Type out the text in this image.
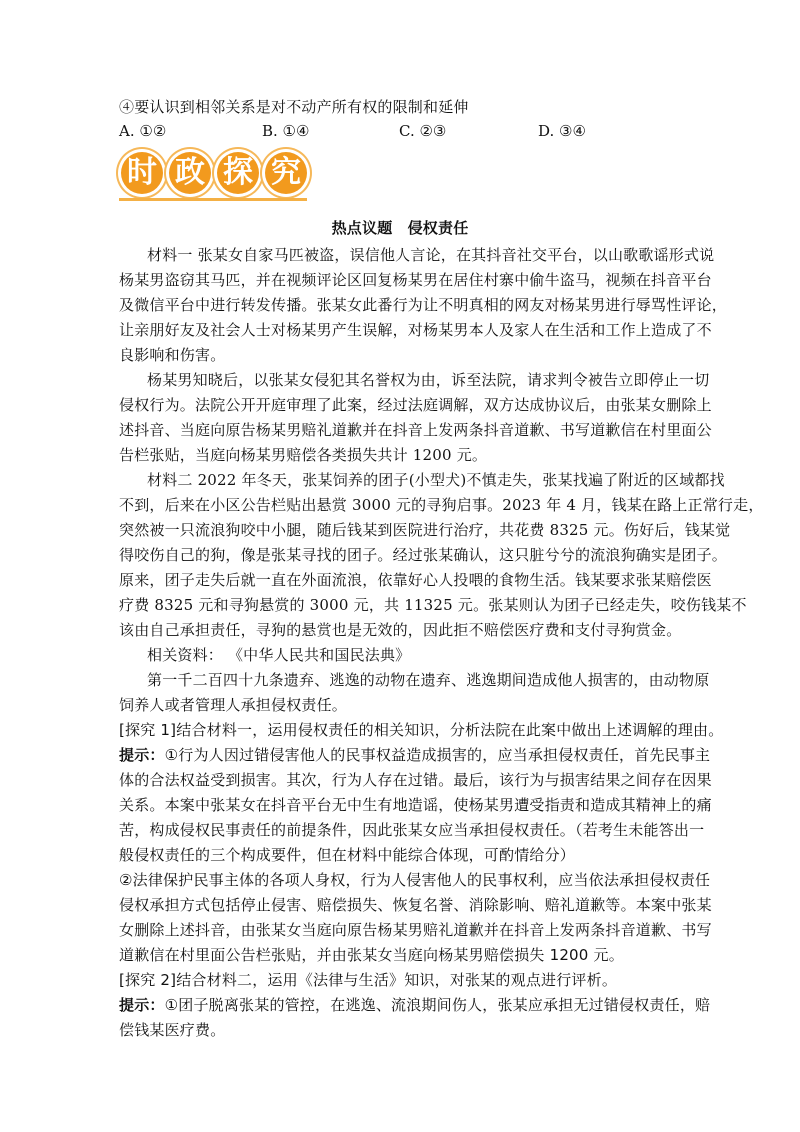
④要认识到相邻关系是对不动产所有权的限制和延伸
A. ①②	B. ①④	C. ②③	D. ③④
时 政 探 究
热点议题　侵权责任
材料一 张某女自家马匹被盗，误信他人言论，在其抖音社交平台，以山歌歌谣形式说
杨某男盗窃其马匹，并在视频评论区回复杨某男在居住村寨中偷牛盗马，视频在抖音平台
及微信平台中进行转发传播。张某女此番行为让不明真相的网友对杨某男进行辱骂性评论，
让亲朋好友及社会人士对杨某男产生误解，对杨某男本人及家人在生活和工作上造成了不
良影响和伤害。
杨某男知晓后，以张某女侵犯其名誉权为由，诉至法院，请求判令被告立即停止一切
侵权行为。法院公开开庭审理了此案，经过法庭调解，双方达成协议后，由张某女删除上
述抖音、当庭向原告杨某男赔礼道歉并在抖音上发两条抖音道歉、书写道歉信在村里面公
告栏张贴，当庭向杨某男赔偿各类损失共计 1200 元。
材料二 2022 年冬天，张某饲养的团子(小型犬)不慎走失，张某找遍了附近的区域都找
不到，后来在小区公告栏贴出悬赏 3000 元的寻狗启事。2023 年 4 月，钱某在路上正常行走，
突然被一只流浪狗咬中小腿，随后钱某到医院进行治疗，共花费 8325 元。伤好后，钱某觉
得咬伤自己的狗，像是张某寻找的团子。经过张某确认，这只脏兮兮的流浪狗确实是团子。
原来，团子走失后就一直在外面流浪，依靠好心人投喂的食物生活。钱某要求张某赔偿医
疗费 8325 元和寻狗悬赏的 3000 元，共 11325 元。张某则认为团子已经走失，咬伤钱某不
该由自己承担责任，寻狗的悬赏也是无效的，因此拒不赔偿医疗费和支付寻狗赏金。
相关资料： 《中华人民共和国民法典》
第一千二百四十九条遗弃、逃逸的动物在遗弃、逃逸期间造成他人损害的，由动物原
饲养人或者管理人承担侵权责任。
[探究 1]结合材料一，运用侵权责任的相关知识，分析法院在此案中做出上述调解的理由。
提示：①行为人因过错侵害他人的民事权益造成损害的，应当承担侵权责任，首先民事主
体的合法权益受到损害。其次，行为人存在过错。最后，该行为与损害结果之间存在因果
关系。本案中张某女在抖音平台无中生有地造谣，使杨某男遭受指责和造成其精神上的痛
苦，构成侵权民事责任的前提条件，因此张某女应当承担侵权责任。（若考生未能答出一
般侵权责任的三个构成要件，但在材料中能综合体现，可酌情给分）
②法律保护民事主体的各项人身权，行为人侵害他人的民事权利，应当依法承担侵权责任
侵权承担方式包括停止侵害、赔偿损失、恢复名誉、消除影响、赔礼道歉等。本案中张某
女删除上述抖音，由张某女当庭向原告杨某男赔礼道歉并在抖音上发两条抖音道歉、书写
道歉信在村里面公告栏张贴，并由张某女当庭向杨某男赔偿损失 1200 元。
[探究 2]结合材料二，运用《法律与生活》知识，对张某的观点进行评析。
提示：①团子脱离张某的管控，在逃逸、流浪期间伤人，张某应承担无过错侵权责任，赔
偿钱某医疗费。
